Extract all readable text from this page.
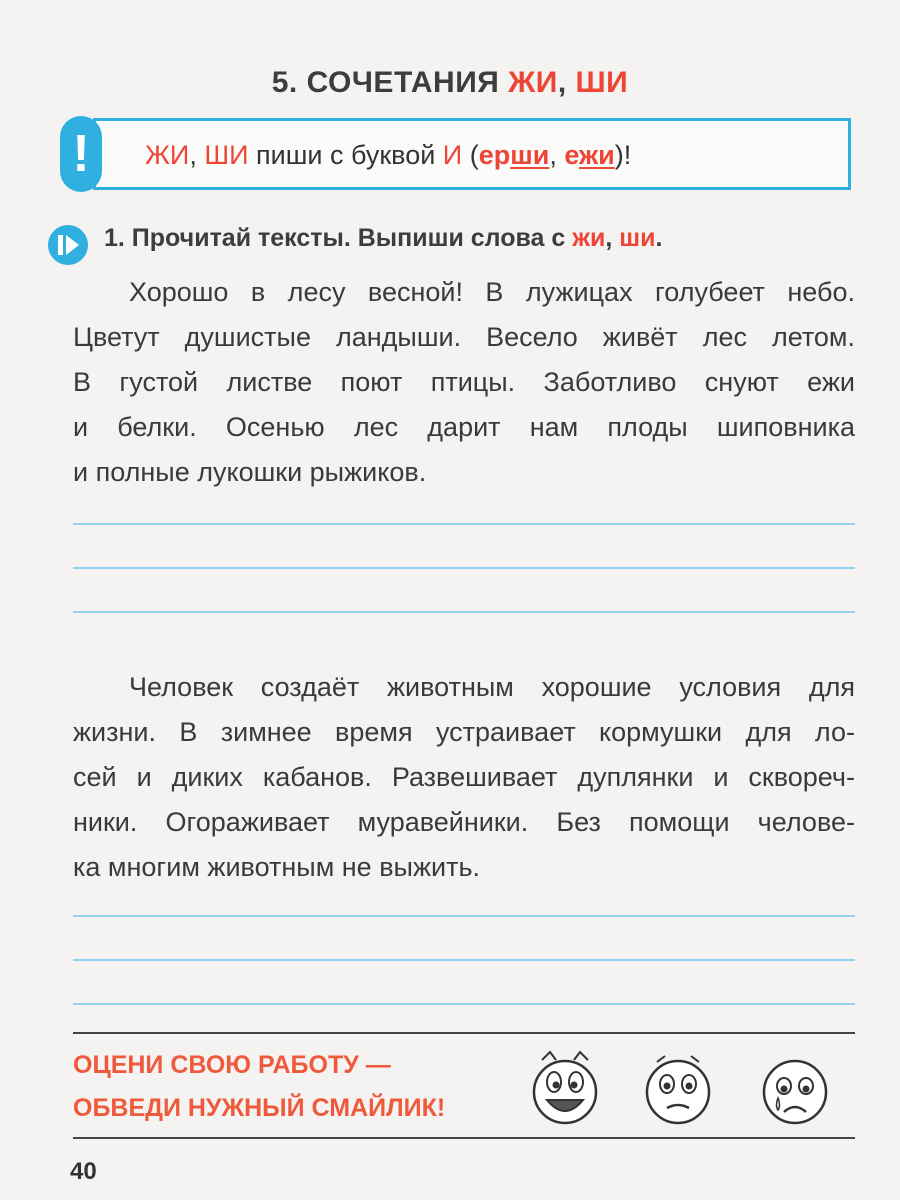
5. СОЧЕТАНИЯ ЖИ, ШИ
!	ЖИ, ШИ пиши с буквой И (ерши, ежи)!
1. Прочитай тексты. Выпиши слова с жи, ши.
Хорошо в лесу весной! В лужицах голубеет небо.
Цветут душистые ландыши. Весело живёт лес летом.
В густой листве поют птицы. Заботливо снуют ежи
и белки. Осенью лес дарит нам плоды шиповника
и полные лукошки рыжиков.
Человек создаёт животным хорошие условия для
жизни. В зимнее время устраивает кормушки для ло-
сей и диких кабанов. Развешивает дуплянки и сквореч-
ники. Огораживает муравейники. Без помощи челове-
ка многим животным не выжить.
ОЦЕНИ СВОЮ РАБОТУ —
ОБВЕДИ НУЖНЫЙ СМАЙЛИК!
40
